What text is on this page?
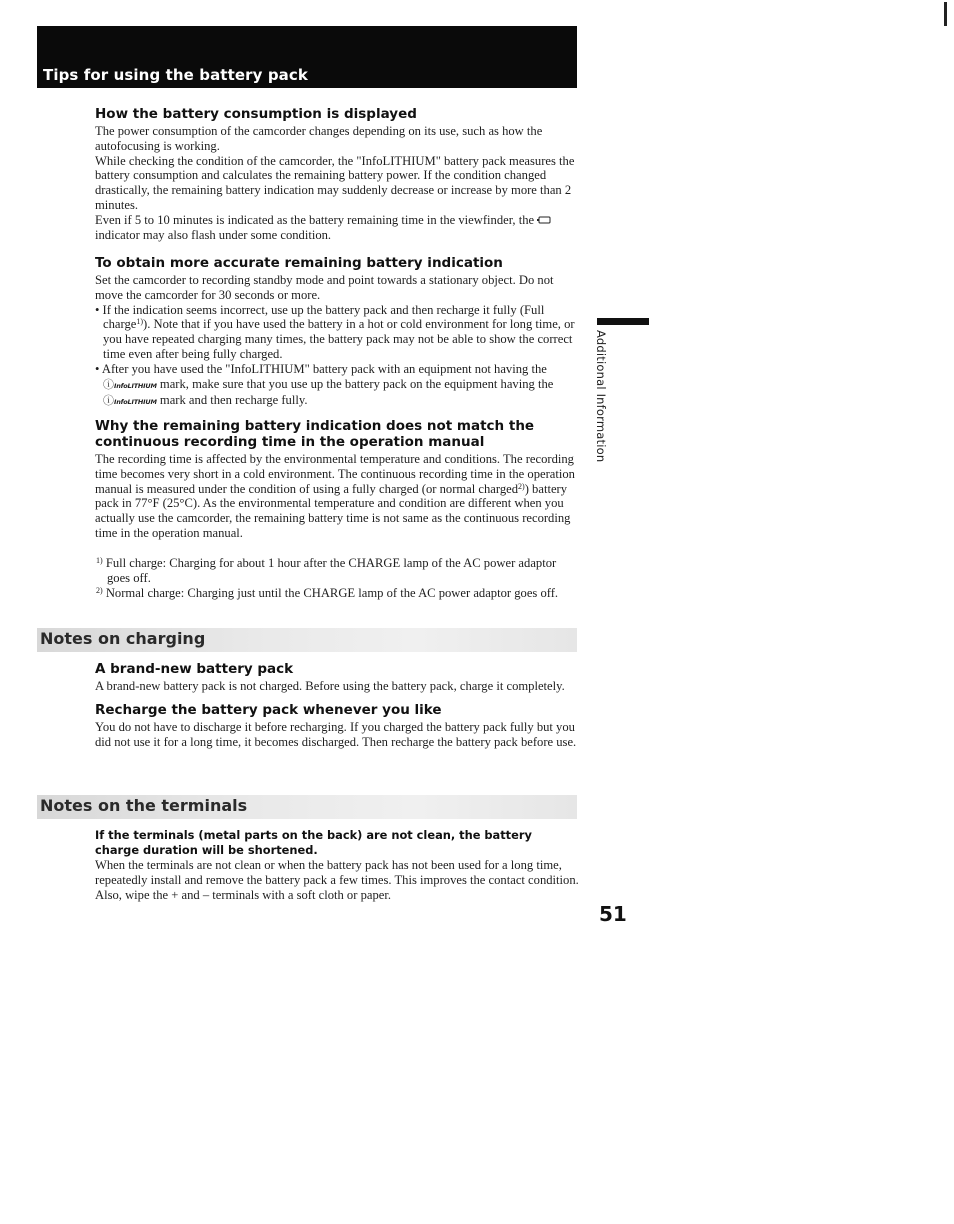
Tips for using the battery pack
How the battery consumption is displayed

The power consumption of the camcorder changes depending on its use, such as how the autofocusing is working.

While checking the condition of the camcorder, the "InfoLITHIUM" battery pack measures the battery consumption and calculates the remaining battery power. If the condition changed drastically, the remaining battery indication may suddenly decrease or increase by more than 2 minutes.

Even if 5 to 10 minutes is indicated as the battery remaining time in the viewfinder, the  indicator may also flash under some condition.

To obtain more accurate remaining battery indication

Set the camcorder to recording standby mode and point towards a stationary object. Do not move the camcorder for 30 seconds or more.

• If the indication seems incorrect, use up the battery pack and then recharge it fully (Full charge$^{1)}$). Note that if you have used the battery in a hot or cold environment for long time, or you have repeated charging many times, the battery pack may not be able to show the correct time even after being fully charged.

• After you have used the "InfoLITHIUM" battery pack with an equipment not having the ⓘInfoLITHIUM mark, make sure that you use up the battery pack on the equipment having the ⓘInfoLITHIUM mark and then recharge fully.

Why the remaining battery indication does not match the continuous recording time in the operation manual

The recording time is affected by the environmental temperature and conditions. The recording time becomes very short in a cold environment. The continuous recording time in the operation manual is measured under the condition of using a fully charged (or normal charged$^{2)}$) battery pack in 77°F (25°C). As the environmental temperature and condition are different when you actually use the camcorder, the remaining battery time is not same as the continuous recording time in the operation manual.

$^{1)}$ Full charge: Charging for about 1 hour after the CHARGE lamp of the AC power adaptor goes off.

$^{2)}$ Normal charge: Charging just until the CHARGE lamp of the AC power adaptor goes off.

Notes on charging
A brand-new battery pack

A brand-new battery pack is not charged. Before using the battery pack, charge it completely.

Recharge the battery pack whenever you like

You do not have to discharge it before recharging. If you charged the battery pack fully but you did not use it for a long time, it becomes discharged. Then recharge the battery pack before use.

Notes on the terminals

If the terminals (metal parts on the back) are not clean, the battery charge duration will be shortened.

When the terminals are not clean or when the battery pack has not been used for a long time, repeatedly install and remove the battery pack a few times. This improves the contact condition. Also, wipe the + and – terminals with a soft cloth or paper.

Additional Information
51
